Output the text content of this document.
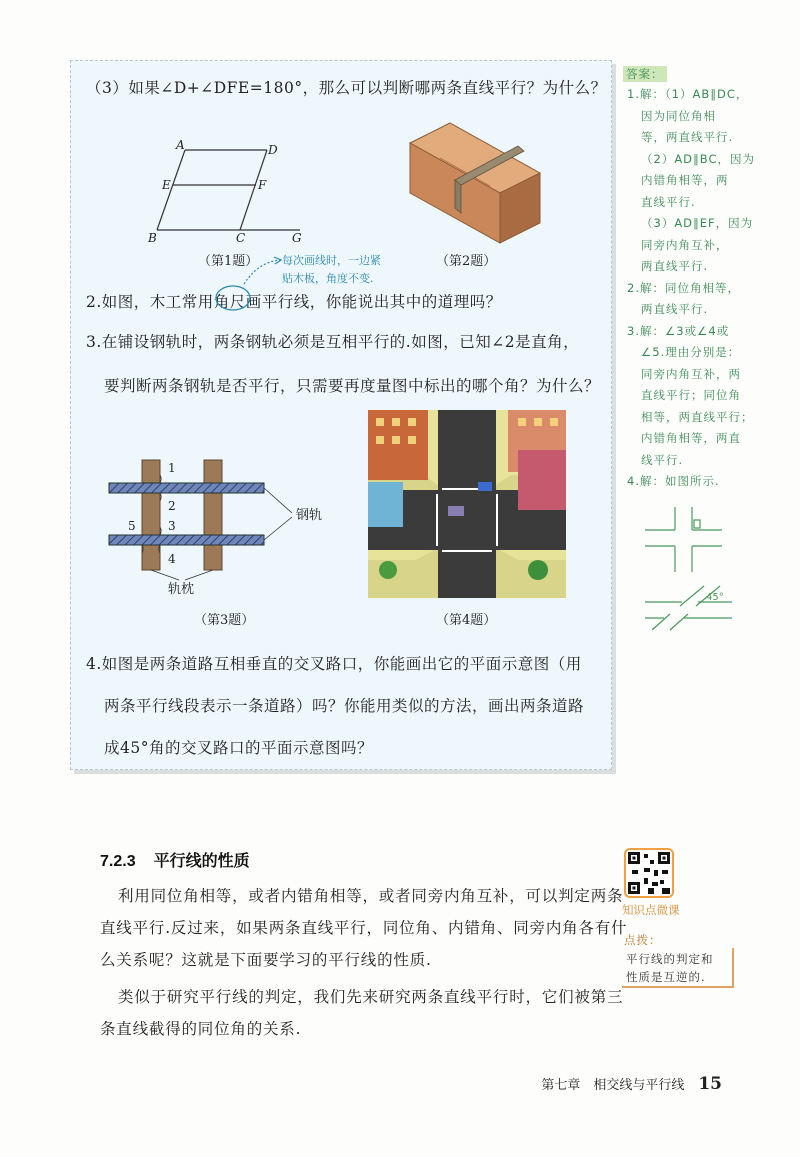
（3）如果∠D+∠DFE=180°，那么可以判断哪两条直线平行？为什么？
A	D
E	F
B	C	G
（第1题）	（第2题）
每次画线时，一边紧
贴木板，角度不变.
2.如图，木工常用角尺画平行线，你能说出其中的道理吗？
3.在铺设钢轨时，两条钢轨必须是互相平行的.如图，已知∠2是直角，
要判断两条钢轨是否平行，只需要再度量图中标出的哪个角？为什么？
1
2
3
4
5
钢轨
轨枕
（第3题）	（第4题）
4.如图是两条道路互相垂直的交叉路口，你能画出它的平面示意图（用
两条平行线段表示一条道路）吗？你能用类似的方法，画出两条道路
成45°角的交叉路口的平面示意图吗？
答案：
1.解：（1）AB∥DC，
因为同位角相
等，两直线平行.
（2）AD∥BC，因为
内错角相等，两
直线平行.
（3）AD∥EF，因为
同旁内角互补，
两直线平行.
2.解：同位角相等，
两直线平行.
3.解：∠3或∠4或
∠5.理由分别是：
同旁内角互补，两
直线平行；同位角
相等，两直线平行；
内错角相等，两直
线平行.
4.解：如图所示.
45°
7.2.3 平行线的性质
利用同位角相等，或者内错角相等，或者同旁内角互补，可以判定两条
直线平行.反过来，如果两条直线平行，同位角、内错角、同旁内角各有什
么关系呢？这就是下面要学习的平行线的性质.
类似于研究平行线的判定，我们先来研究两条直线平行时，它们被第三
条直线截得的同位角的关系.
知识点微课
点拨：
平行线的判定和
性质是互逆的.
第七章　相交线与平行线 15
